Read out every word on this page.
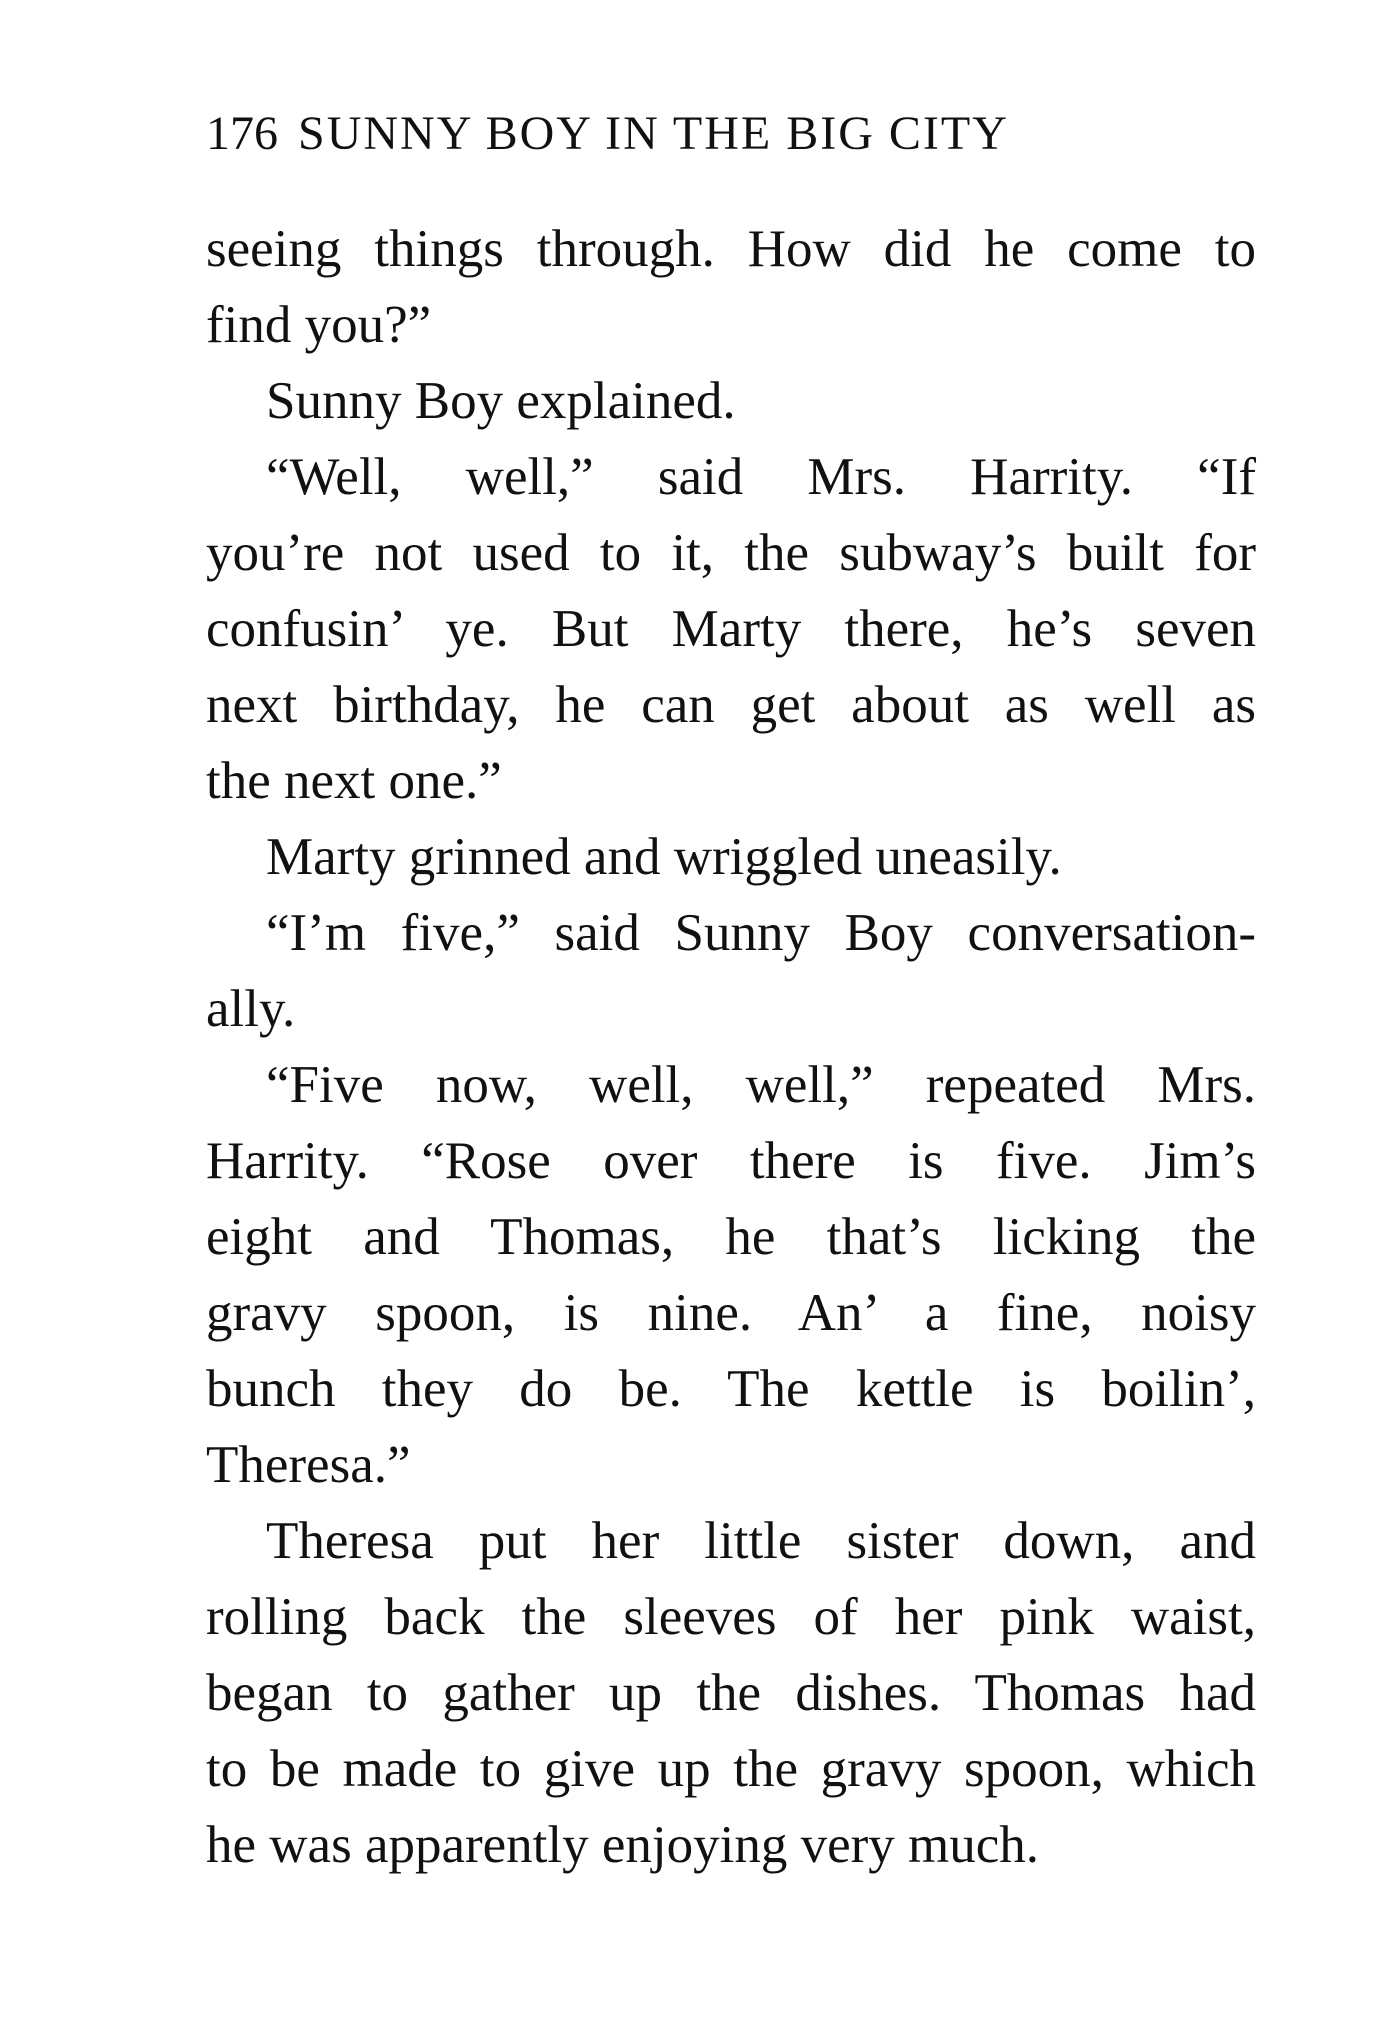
176 SUNNY BOY IN THE BIG CITY
seeing things through. How did he come to
find you?”
Sunny Boy explained.
“Well, well,” said Mrs. Harrity. “If
you’re not used to it, the subway’s built for
confusin’ ye. But Marty there, he’s seven
next birthday, he can get about as well as
the next one.”
Marty grinned and wriggled uneasily.
“I’m five,” said Sunny Boy conversation-
ally.
“Five now, well, well,” repeated Mrs.
Harrity. “Rose over there is five. Jim’s
eight and Thomas, he that’s licking the
gravy spoon, is nine. An’ a fine, noisy
bunch they do be. The kettle is boilin’,
Theresa.”
Theresa put her little sister down, and
rolling back the sleeves of her pink waist,
began to gather up the dishes. Thomas had
to be made to give up the gravy spoon, which
he was apparently enjoying very much.
